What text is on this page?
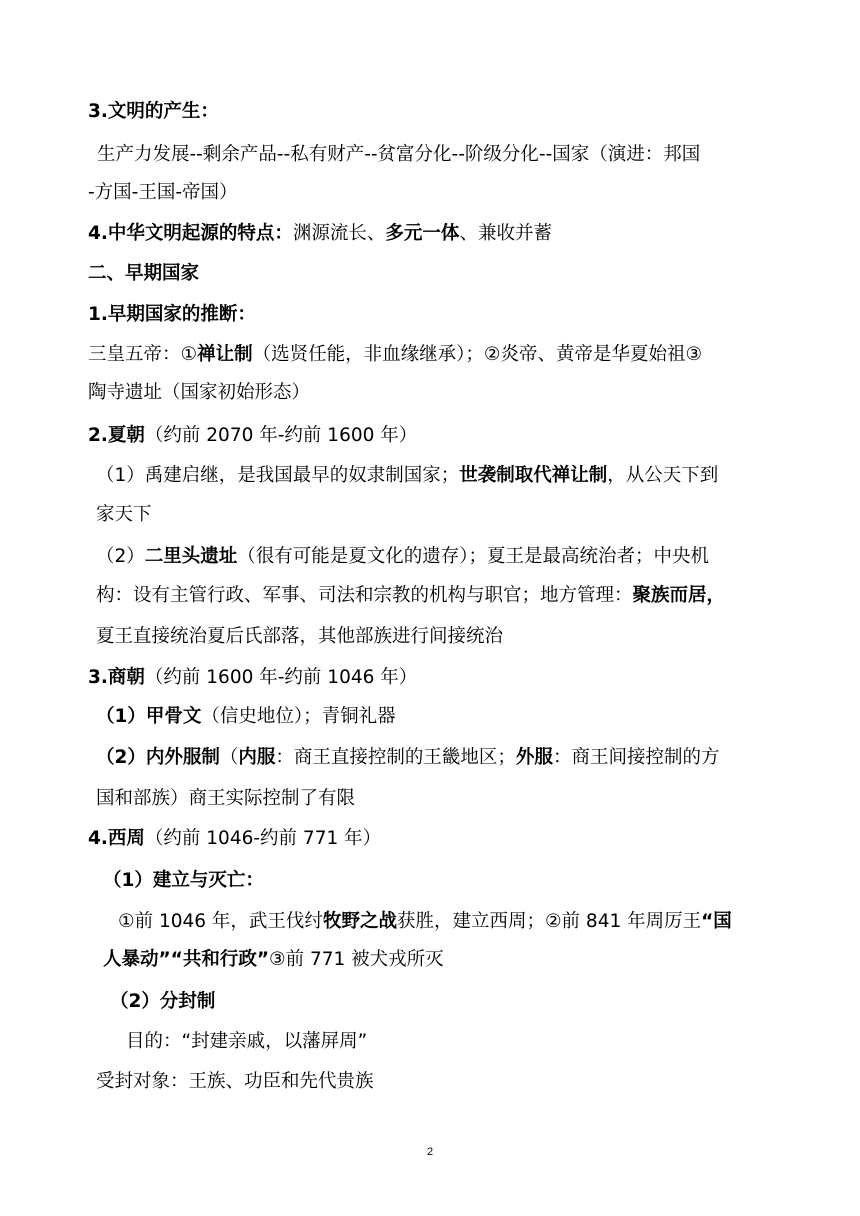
3.文明的产生：
生产力发展--剩余产品--私有财产--贫富分化--阶级分化--国家（演进：邦国
-方国-王国-帝国）
4.中华文明起源的特点：渊源流长、多元一体、兼收并蓄
二、早期国家
1.早期国家的推断：
三皇五帝：①禅让制（选贤任能，非血缘继承）；②炎帝、黄帝是华夏始祖③
陶寺遗址（国家初始形态）
2.夏朝（约前 2070 年-约前 1600 年）
（1）禹建启继，是我国最早的奴隶制国家；世袭制取代禅让制，从公天下到
家天下
（2）二里头遗址（很有可能是夏文化的遗存）；夏王是最高统治者；中央机
构：设有主管行政、军事、司法和宗教的机构与职官；地方管理：聚族而居，
夏王直接统治夏后氏部落，其他部族进行间接统治
3.商朝（约前 1600 年-约前 1046 年）
（1）甲骨文（信史地位）；青铜礼器
（2）内外服制（内服：商王直接控制的王畿地区；外服：商王间接控制的方
国和部族）商王实际控制了有限
4.西周（约前 1046-约前 771 年）
（1）建立与灭亡：
①前 1046 年，武王伐纣牧野之战获胜，建立西周；②前 841 年周厉王“国
人暴动”“共和行政”③前 771 被犬戎所灭
（2）分封制
目的：“封建亲戚，以藩屏周”
受封对象：王族、功臣和先代贵族
2
